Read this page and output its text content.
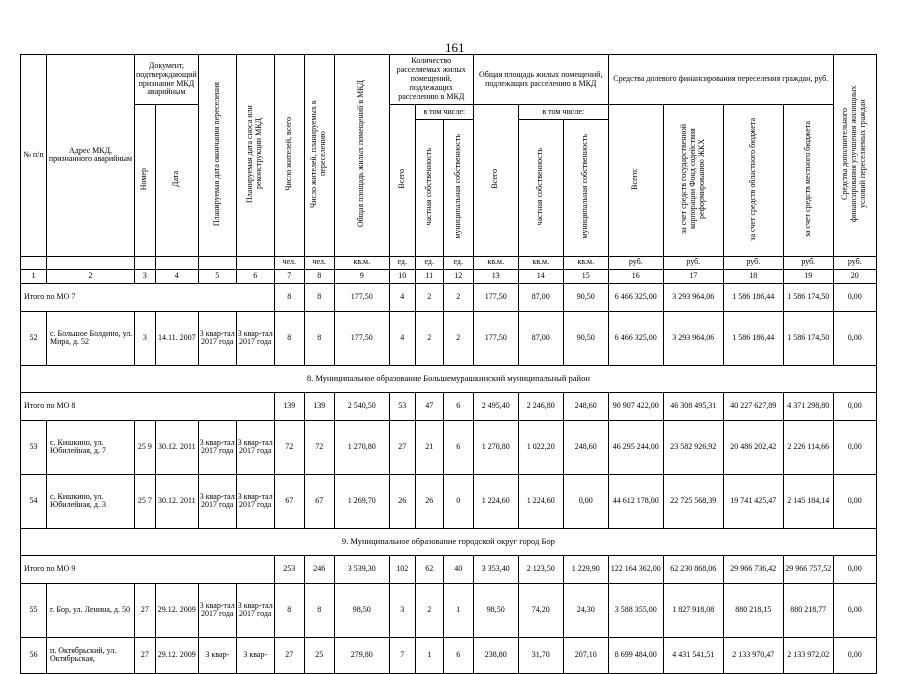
161
№ п/п	Адрес МКД, признанного аварийным	Документ, подтверждающий признание МКД аварийным		Планируемая дата окончания переселения	Планируемая дата сноса или реконструкции МКД	Число жителей, всего	Число жителей, планируемых к переселению	Общая площадь жилых помещений в МКД	Количество расселяемых жилых помещений, подлежащих расселению в МКД			Общая площадь жилых помещений, подлежащих расселению в МКД			Средства долевого финансирования переселения граждан, руб.				Средства дополнительного финансирования улучшения жилищных условий переселяемых граждан
		Номер	Дата						Всего	в том числе:		Всего	в том числе:		Всего:	за счет средств государственной корпорации Фонд содействия реформированию ЖКХ	за счет средств областного бюджета	за счет средств местного бюджета	
										частная собственность	муниципальная собственность		частная собственность	муниципальная собственность					
						чел.	чел.	кв.м.	ед.	ед.	ед.	кв.м.	кв.м.	кв.м.	руб.	руб.	руб.	руб.	руб.
1	2	3	4	5	6	7	8	9	10	11	12	13	14	15	16	17	18	19	20
Итого по МО 7						8	8	177,50	4	2	2	177,50	87,00	90,50	6 466 325,00	3 293 964,06	1 586 186,44	1 586 174,50	0,00
52	с. Большое Болдино, ул. Мира, д. 52	3	14.11. 2007	3 квар-тал 2017 года	3 квар-тал 2017 года	8	8	177,50	4	2	2	177,50	87,00	90,50	6 466 325,00	3 293 964,06	1 586 186,44	1 586 174,50	0,00
8. Муниципальное образование Большемурашкинский муниципальный район																			
Итого по МО 8						139	139	2 540,50	53	47	6	2 495,40	2 246,80	248,60	90 907 422,00	46 308 495,31	40 227 627,89	4 371 298,80	0,00
53	с. Кишкино, ул. Юбилейная, д. 7	25 9	30.12. 2011	3 квар-тал 2017 года	3 квар-тал 2017 года	72	72	1 270,80	27	21	6	1 270,80	1 022,20	248,60	46 295 244,00	23 582 926,92	20 486 202,42	2 226 114,66	0,00
54	с. Кишкино, ул. Юбилейная, д. 3	25 7	30.12. 2011	3 квар-тал 2017 года	3 квар-тал 2017 года	67	67	1 269,70	26	26	0	1 224,60	1 224,60	0,00	44 612 178,00	22 725 568,39	19 741 425,47	2 145 184,14	0,00
9. Муниципальное образование городской округ город Бор																			
Итого по МО 9						253	246	3 539,30	102	62	40	3 353,40	2 123,50	1 229,90	122 164 362,00	62 230 868,06	29 966 736,42	29 966 757,52	0,00
55	г. Бор, ул. Ленина, д. 50	27	29.12. 2009	3 квар-тал 2017 года	3 квар-тал 2017 года	8	8	98,50	3	2	1	98,50	74,20	24,30	3 588 355,00	1 827 918,08	880 218,15	880 218,77	0,00
56	п. Октябрьский, ул. Октябрьская,	27	29.12. 2009	3 квар-	3 квар-	27	25	279,80	7	1	6	238,80	31,70	207,10	8 699 484,00	4 431 541,51	2 133 970,47	2 133 972,02	0,00
